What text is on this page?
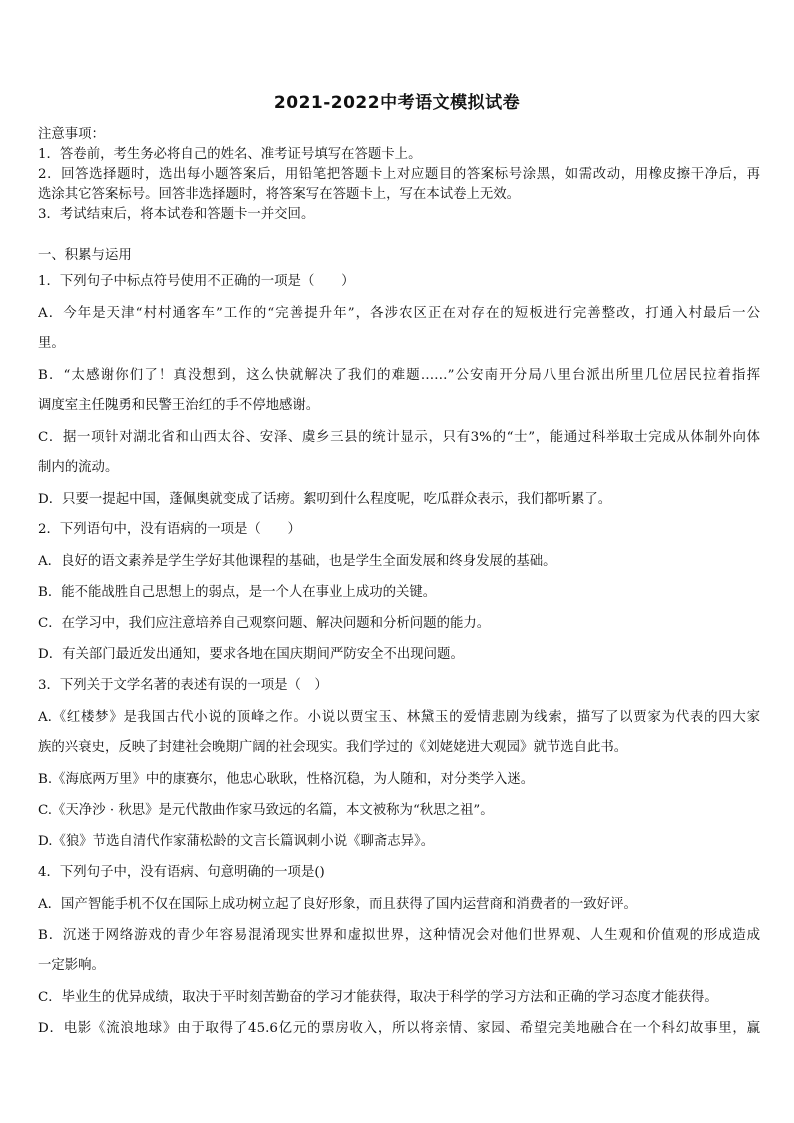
2021-2022中考语文模拟试卷
注意事项：
1．答卷前，考生务必将自己的姓名、准考证号填写在答题卡上。
2．回答选择题时，选出每小题答案后，用铅笔把答题卡上对应题目的答案标号涂黑，如需改动，用橡皮擦干净后，再
选涂其它答案标号。回答非选择题时，将答案写在答题卡上，写在本试卷上无效。
3．考试结束后，将本试卷和答题卡一并交回。
一、积累与运用
1．下列句子中标点符号使用不正确的一项是（　　）
A．今年是天津“村村通客车”工作的“完善提升年”，各涉农区正在对存在的短板进行完善整改，打通入村最后一公
里。
B．“太感谢你们了！真没想到，这么快就解决了我们的难题……”公安南开分局八里台派出所里几位居民拉着指挥
调度室主任隗勇和民警王治红的手不停地感谢。
C．据一项针对湖北省和山西太谷、安泽、虞乡三县的统计显示，只有3%的“士”，能通过科举取士完成从体制外向体
制内的流动。
D．只要一提起中国，蓬佩奥就变成了话痨。絮叨到什么程度呢，吃瓜群众表示，我们都听累了。
2．下列语句中，没有语病的一项是（　　）
A．良好的语文素养是学生学好其他课程的基础，也是学生全面发展和终身发展的基础。
B．能不能战胜自己思想上的弱点，是一个人在事业上成功的关键。
C．在学习中，我们应注意培养自己观察问题、解决问题和分析问题的能力。
D．有关部门最近发出通知，要求各地在国庆期间严防安全不出现问题。
3．下列关于文学名著的表述有误的一项是（　）
A.《红楼梦》是我国古代小说的顶峰之作。小说以贾宝玉、林黛玉的爱情悲剧为线索，描写了以贾家为代表的四大家
族的兴衰史，反映了封建社会晚期广阔的社会现实。我们学过的《刘姥姥进大观园》就节选自此书。
B.《海底两万里》中的康赛尔，他忠心耿耿，性格沉稳，为人随和，对分类学入迷。
C.《天净沙 · 秋思》是元代散曲作家马致远的名篇，本文被称为“秋思之祖”。
D.《狼》节选自清代作家蒲松龄的文言长篇讽刺小说《聊斋志异》。
4．下列句子中，没有语病、句意明确的一项是()
A．国产智能手机不仅在国际上成功树立起了良好形象，而且获得了国内运营商和消费者的一致好评。
B．沉迷于网络游戏的青少年容易混淆现实世界和虚拟世界，这种情况会对他们世界观、人生观和价值观的形成造成
一定影响。
C．毕业生的优异成绩，取决于平时刻苦勤奋的学习才能获得，取决于科学的学习方法和正确的学习态度才能获得。
D．电影《流浪地球》由于取得了45.6亿元的票房收入，所以将亲情、家园、希望完美地融合在一个科幻故事里，赢
